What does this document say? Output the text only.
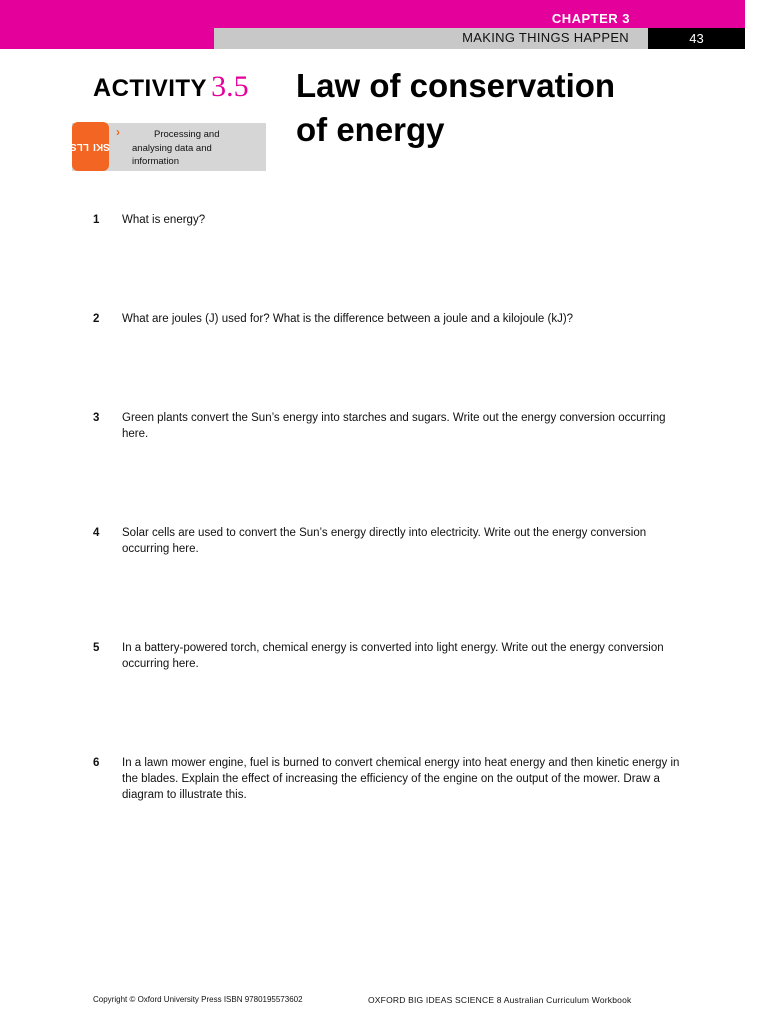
CHAPTER 3
MAKING THINGS HAPPEN	43
ACTIVITY 3.5 Law of conservation
of energy
SKI

LLS
›	Processing and analysing data and information
1 What is energy?
2 What are joules (J) used for? What is the difference between a joule and a kilojoule (kJ)?
3 Green plants convert the Sun’s energy into starches and sugars. Write out the energy conversion occurring here.
4 Solar cells are used to convert the Sun’s energy directly into electricity. Write out the energy conversion occurring here.
5 In a battery-powered torch, chemical energy is converted into light energy. Write out the energy conversion occurring here.
6 In a lawn mower engine, fuel is burned to convert chemical energy into heat energy and then kinetic energy in the blades. Explain the effect of increasing the efficiency of the engine on the output of the mower. Draw a diagram to illustrate this.
Copyright © Oxford University Press ISBN 9780195573602	OXFORD BIG IDEAS SCIENCE 8 Australian Curriculum Workbook
